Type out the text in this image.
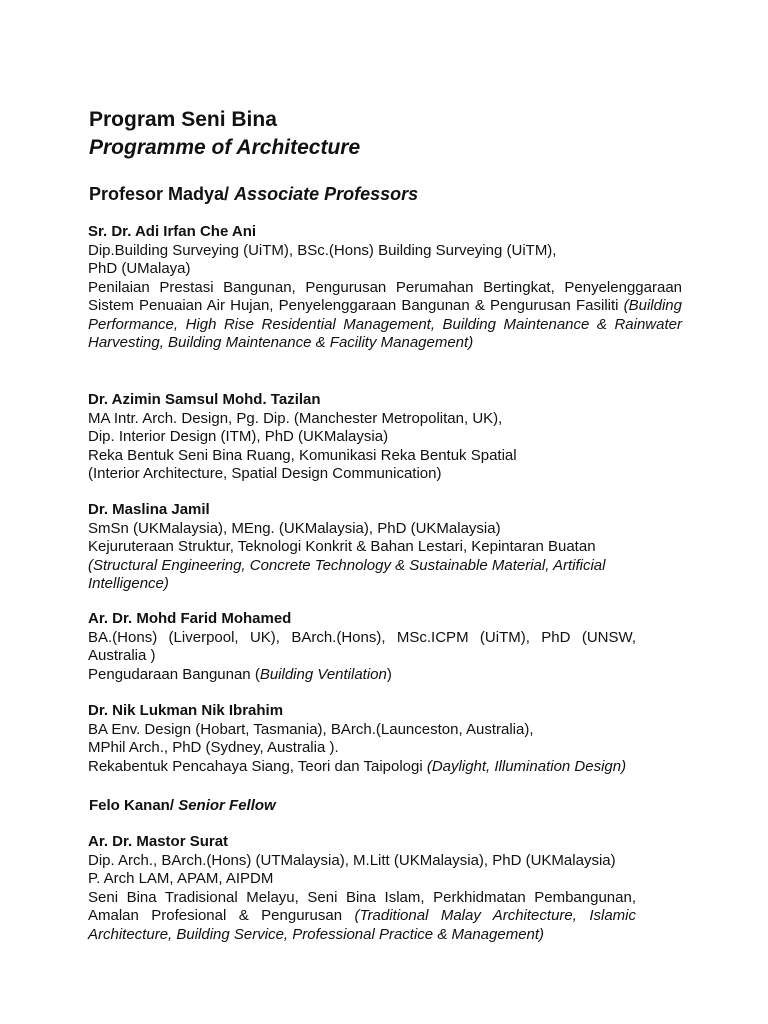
Program Seni Bina
Programme of Architecture
Profesor Madya/ Associate Professors
Sr. Dr. Adi Irfan Che Ani
Dip.Building Surveying (UiTM), BSc.(Hons) Building Surveying (UiTM),
PhD (UMalaya)
Penilaian Prestasi Bangunan, Pengurusan Perumahan Bertingkat, Penyelenggaraan Sistem Penuaian Air Hujan, Penyelenggaraan Bangunan & Pengurusan Fasiliti (Building Performance, High Rise Residential Management, Building Maintenance & Rainwater Harvesting, Building Maintenance & Facility Management)
Dr. Azimin Samsul Mohd. Tazilan
MA Intr. Arch. Design, Pg. Dip. (Manchester Metropolitan, UK),
Dip. Interior Design (ITM), PhD (UKMalaysia)
Reka Bentuk Seni Bina Ruang, Komunikasi Reka Bentuk Spatial
(Interior Architecture, Spatial Design Communication)
Dr. Maslina Jamil
SmSn (UKMalaysia), MEng. (UKMalaysia), PhD (UKMalaysia)
Kejuruteraan Struktur, Teknologi Konkrit & Bahan Lestari, Kepintaran Buatan
(Structural Engineering, Concrete Technology & Sustainable Material, Artificial Intelligence)
Ar. Dr. Mohd Farid Mohamed
BA.(Hons) (Liverpool, UK), BArch.(Hons), MSc.ICPM (UiTM), PhD (UNSW, Australia )
Pengudaraan Bangunan (Building Ventilation)
Dr. Nik Lukman Nik Ibrahim
BA Env. Design (Hobart, Tasmania), BArch.(Launceston, Australia),
MPhil Arch., PhD (Sydney, Australia ).
Rekabentuk Pencahaya Siang, Teori dan Taipologi (Daylight, Illumination Design)
Felo Kanan/ Senior Fellow
Ar. Dr. Mastor Surat
Dip. Arch., BArch.(Hons) (UTMalaysia), M.Litt (UKMalaysia), PhD (UKMalaysia)
P. Arch LAM, APAM, AIPDM
Seni Bina Tradisional Melayu, Seni Bina Islam, Perkhidmatan Pembangunan, Amalan Profesional & Pengurusan (Traditional Malay Architecture, Islamic Architecture, Building Service, Professional Practice & Management)
